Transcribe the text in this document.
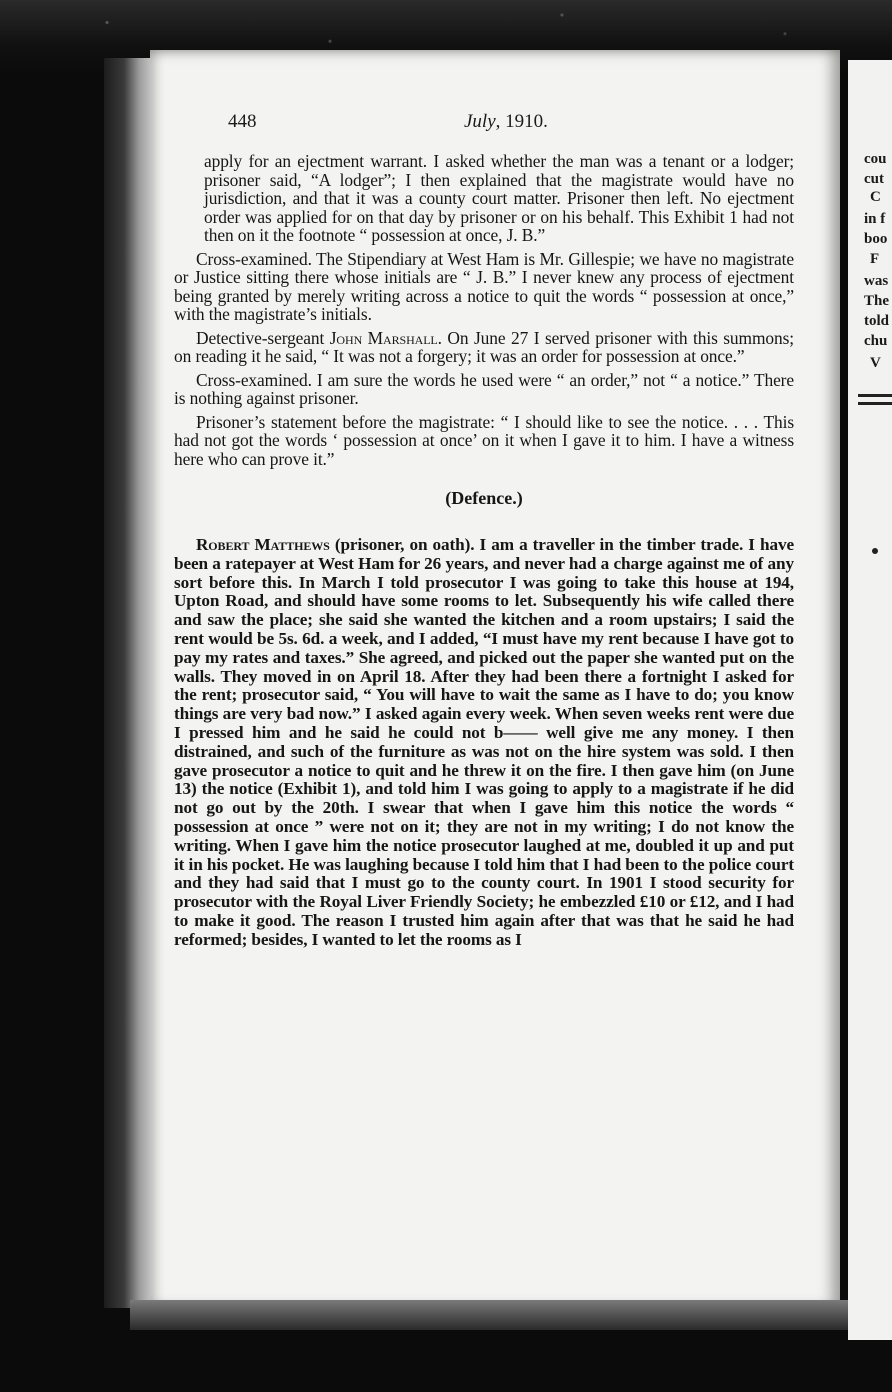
cou
cut
C
in f
boo
F
was
The
told
chu
V
448	July, 1910.

apply for an ejectment warrant. I asked whether the man was a tenant or a lodger; prisoner said, “A lodger”; I then explained that the magistrate would have no jurisdiction, and that it was a county court matter. Prisoner then left. No ejectment order was applied for on that day by prisoner or on his behalf. This Exhibit 1 had not then on it the footnote “ possession at once, J. B.”

Cross-examined. The Stipendiary at West Ham is Mr. Gillespie; we have no magistrate or Justice sitting there whose initials are “ J. B.” I never knew any process of ejectment being granted by merely writing across a notice to quit the words “ possession at once,” with the magistrate’s initials.

Detective-sergeant John Marshall. On June 27 I served prisoner with this summons; on reading it he said, “ It was not a forgery; it was an order for possession at once.”

Cross-examined. I am sure the words he used were “ an order,” not “ a notice.” There is nothing against prisoner.

Prisoner’s statement before the magistrate: “ I should like to see the notice. . . . This had not got the words ‘ possession at once’ on it when I gave it to him. I have a witness here who can prove it.”

(Defence.)

Robert Matthews (prisoner, on oath). I am a traveller in the timber trade. I have been a ratepayer at West Ham for 26 years, and never had a charge against me of any sort before this. In March I told prosecutor I was going to take this house at 194, Upton Road, and should have some rooms to let. Subsequently his wife called there and saw the place; she said she wanted the kitchen and a room upstairs; I said the rent would be 5s. 6d. a week, and I added, “I must have my rent because I have got to pay my rates and taxes.” She agreed, and picked out the paper she wanted put on the walls. They moved in on April 18. After they had been there a fortnight I asked for the rent; prosecutor said, “ You will have to wait the same as I have to do; you know things are very bad now.” I asked again every week. When seven weeks rent were due I pressed him and he said he could not b—— well give me any money. I then distrained, and such of the furniture as was not on the hire system was sold. I then gave prosecutor a notice to quit and he threw it on the fire. I then gave him (on June 13) the notice (Exhibit 1), and told him I was going to apply to a magistrate if he did not go out by the 20th. I swear that when I gave him this notice the words “ possession at once ” were not on it; they are not in my writing; I do not know the writing. When I gave him the notice prosecutor laughed at me, doubled it up and put it in his pocket. He was laughing because I told him that I had been to the police court and they had said that I must go to the county court. In 1901 I stood security for prosecutor with the Royal Liver Friendly Society; he embezzled £10 or £12, and I had to make it good. The reason I trusted him again after that was that he said he had reformed; besides, I wanted to let the rooms as I
